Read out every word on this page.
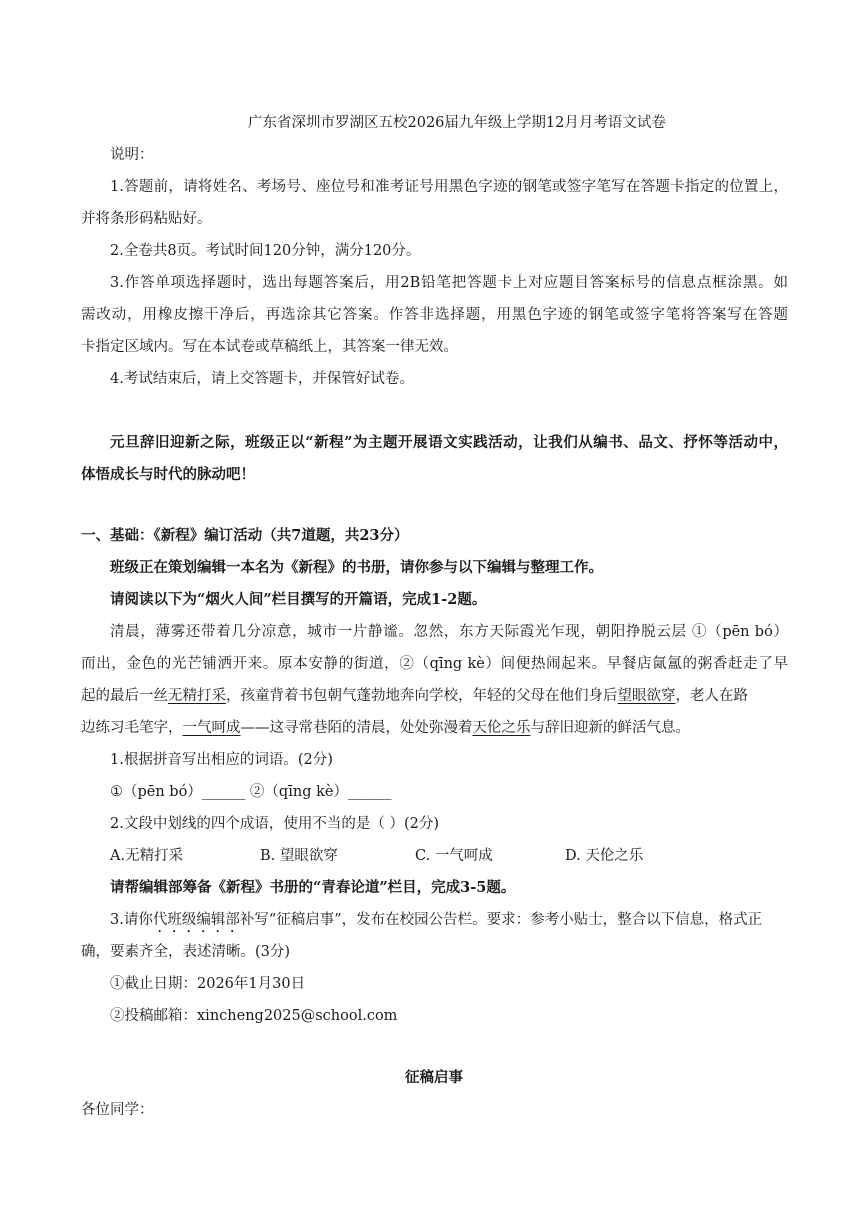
广东省深圳市罗湖区五校2026届九年级上学期12月月考语文试卷
说明：
1.答题前，请将姓名、考场号、座位号和准考证号用黑色字迹的钢笔或签字笔写在答题卡指定的位置上，
并将条形码粘贴好。
2.全卷共8页。考试时间120分钟，满分120分。
3.作答单项选择题时，选出每题答案后，用2B铅笔把答题卡上对应题目答案标号的信息点框涂黑。如
需改动，用橡皮擦干净后，再选涂其它答案。作答非选择题，用黑色字迹的钢笔或签字笔将答案写在答题
卡指定区域内。写在本试卷或草稿纸上，其答案一律无效。
4.考试结束后，请上交答题卡，并保管好试卷。
元旦辞旧迎新之际，班级正以“新程”为主题开展语文实践活动，让我们从编书、品文、抒怀等活动中，
体悟成长与时代的脉动吧！
一、基础：《新程》编订活动（共7道题，共23分）
班级正在策划编辑一本名为《新程》的书册，请你参与以下编辑与整理工作。
请阅读以下为“烟火人间”栏目撰写的开篇语，完成1-2题。
清晨，薄雾还带着几分凉意，城市一片静谧。忽然，东方天际霞光乍现，朝阳挣脱云层 ①（pēn bó）
而出，金色的光芒铺洒开来。原本安静的街道，②（qīng kè）间便热闹起来。早餐店氤氲的粥香赶走了早
起的最后一丝无精打采，孩童背着书包朝气蓬勃地奔向学校，年轻的父母在他们身后望眼欲穿，老人在路
边练习毛笔字，一气呵成——这寻常巷陌的清晨，处处弥漫着天伦之乐与辞旧迎新的鲜活气息。
1.根据拼音写出相应的词语。(2分)
①（pēn bó）______ ②（qīng kè）______
2.文段中划线的四个成语，使用不当的是（ ）(2分)
A.无精打采	B. 望眼欲穿	C. 一气呵成	D. 天伦之乐
请帮编辑部筹备《新程》书册的“青春论道”栏目，完成3-5题。
3.请你代班级编辑部补写“征稿启事”，发布在校园公告栏。要求：参考小贴士，整合以下信息，格式正
确，要素齐全，表述清晰。(3分)
①截止日期：2026年1月30日
②投稿邮箱：xincheng2025@school.com
征稿启事
各位同学：
